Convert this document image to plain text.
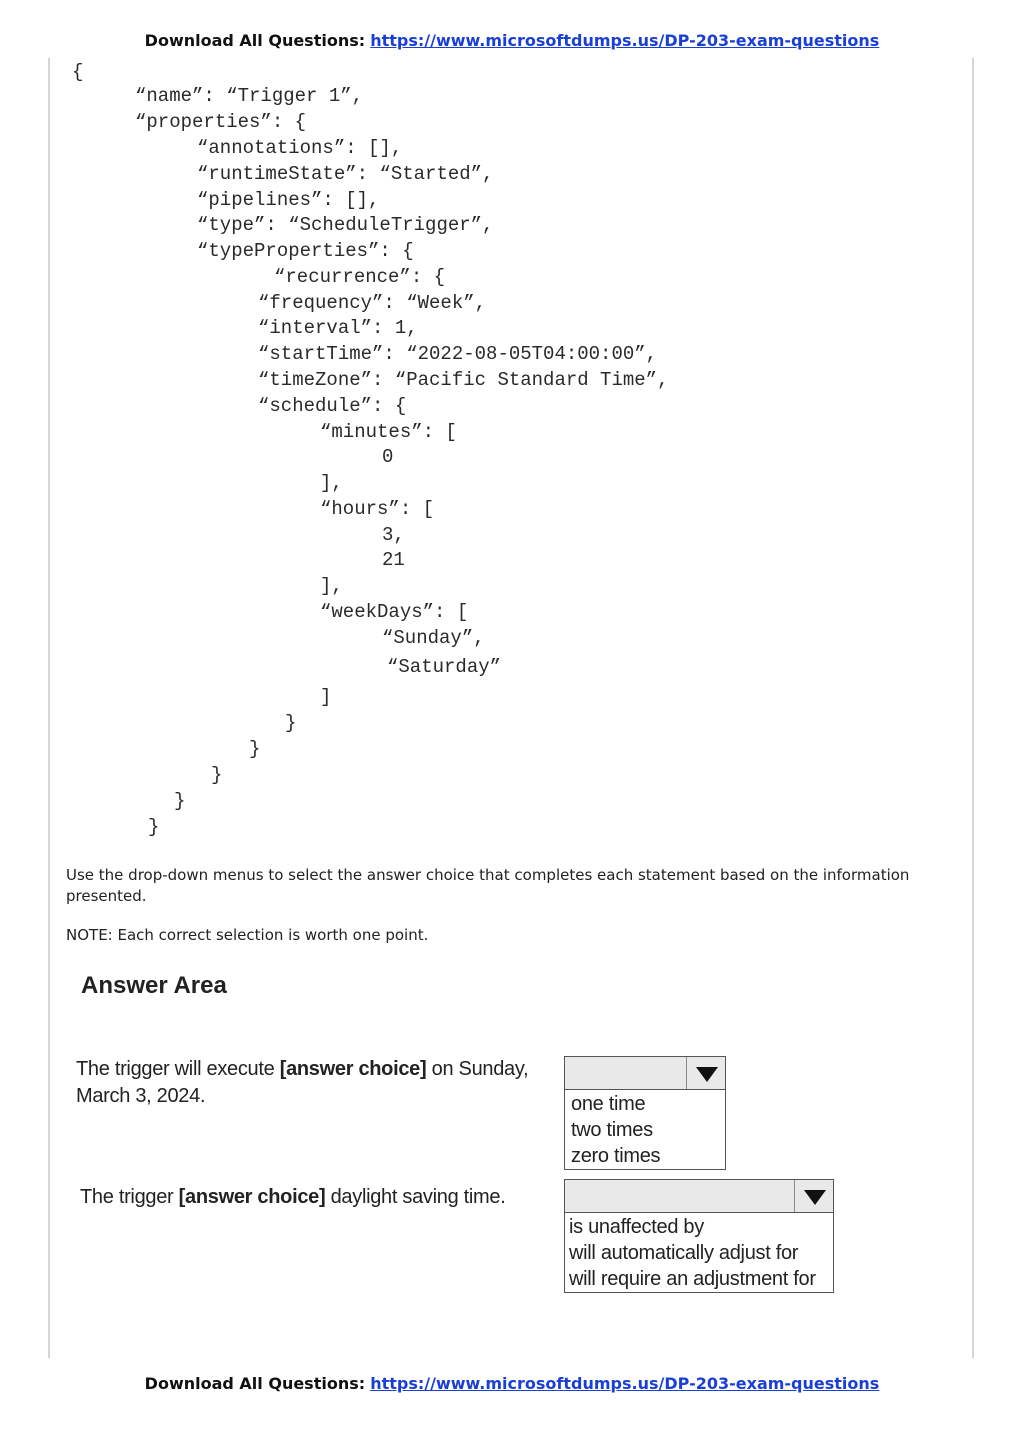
Download All Questions: https://www.microsoftdumps.us/DP-203-exam-questions
{
“name”: “Trigger 1”,
“properties”: {
“annotations”: [],
“runtimeState”: “Started”,
“pipelines”: [],
“type”: “ScheduleTrigger”,
“typeProperties”: {
“recurrence”: {
“frequency”: “Week”,
“interval”: 1,
“startTime”: “2022-08-05T04:00:00”,
“timeZone”: “Pacific Standard Time”,
“schedule”: {
“minutes”: [
0
],
“hours”: [
3,
21
],
“weekDays”: [
“Sunday”,
“Saturday”
]
}
}
}
}
}
Use the drop-down menus to select the answer choice that completes each statement based on the information presented.
NOTE: Each correct selection is worth one point.
Answer Area
The trigger will execute [answer choice] on Sunday, March 3, 2024.	one time
two times
zero times
The trigger [answer choice] daylight saving time.
is unaffected by
will automatically adjust for
will require an adjustment for
Download All Questions: https://www.microsoftdumps.us/DP-203-exam-questions
